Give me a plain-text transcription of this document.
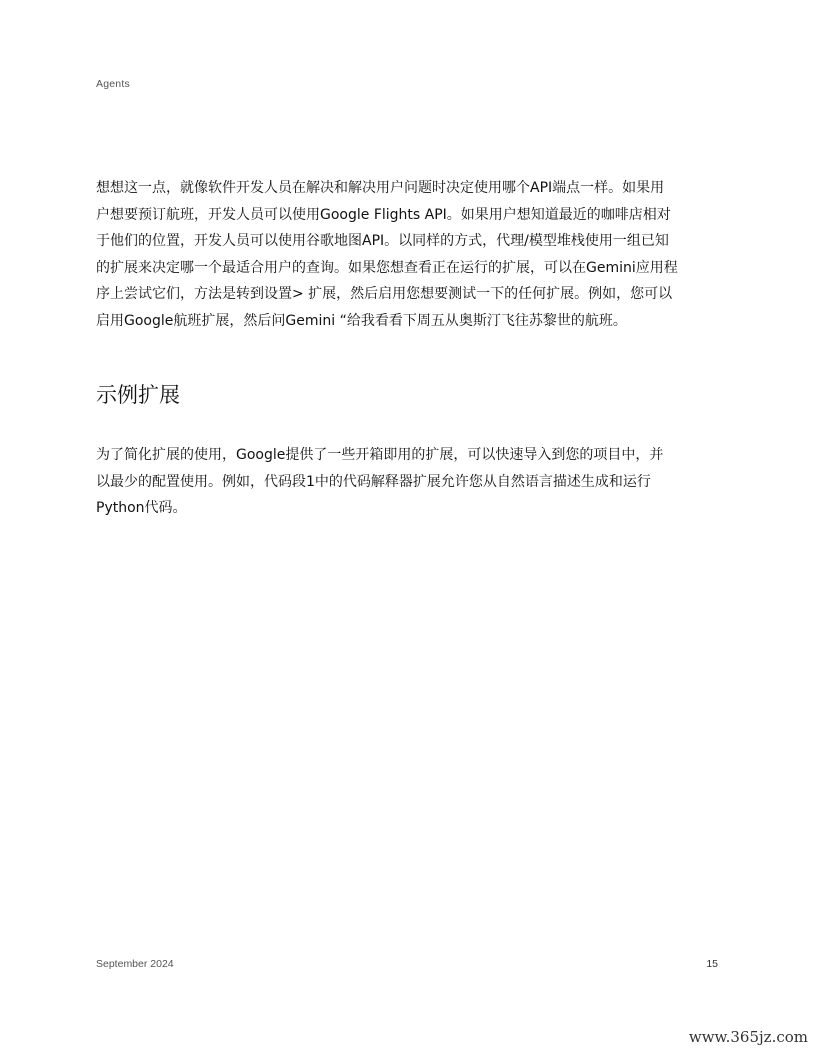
Agents

想想这一点，就像软件开发人员在解决和解决用户问题时决定使用哪个API端点一样。如果用
户想要预订航班，开发人员可以使用Google Flights API。如果用户想知道最近的咖啡店相对
于他们的位置，开发人员可以使用谷歌地图API。以同样的方式，代理/模型堆栈使用一组已知
的扩展来决定哪一个最适合用户的查询。如果您想查看正在运行的扩展，可以在Gemini应用程
序上尝试它们，方法是转到设置> 扩展，然后启用您想要测试一下的任何扩展。例如，您可以
启用Google航班扩展，然后问Gemini “给我看看下周五从奥斯汀飞往苏黎世的航班。

示例扩展

为了简化扩展的使用，Google提供了一些开箱即用的扩展，可以快速导入到您的项目中，并
以最少的配置使用。例如，代码段1中的代码解释器扩展允许您从自然语言描述生成和运行
Python代码。

September 2024	15
www.365jz.com
